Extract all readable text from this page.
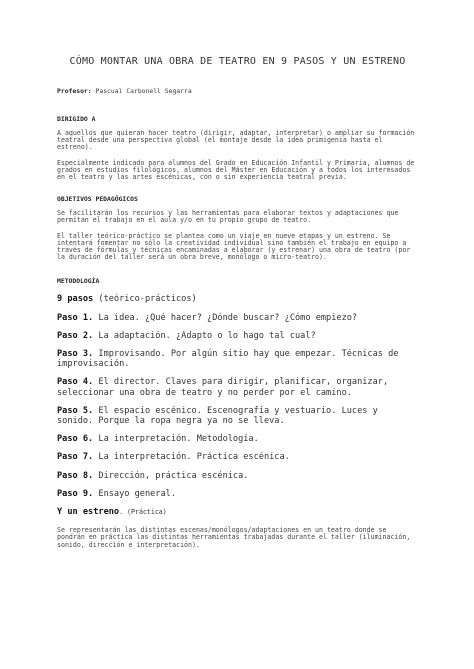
CÓMO MONTAR UNA OBRA DE TEATRO EN 9 PASOS Y UN ESTRENO
Profesor: Pascual Carbonell Segarra
DIRIGIDO A
A aquellos que quieran hacer teatro (dirigir, adaptar, interpretar) o ampliar su formación teatral desde una perspectiva global (el montaje desde la idea primigenia hasta el estreno).
Especialmente indicado para alumnos del Grado en Educación Infantil y Primaria, alumnos de grados en estudios filológicos, alumnos del Máster en Educación y a todos los interesados en el teatro y las artes escénicas, con o sin experiencia teatral previa.
OBJETIVOS PEDAGÓGICOS
Se facilitarán los recursos y las herramientas para elaborar textos y adaptaciones que permitan el trabajo en el aula y/o en tu propio grupo de teatro.
El taller teórico-práctico se plantea como un viaje en nueve etapas y un estreno. Se intentará fomentar no sólo la creatividad individual sino también el trabajo en equipo a través de fórmulas y técnicas encaminadas a elaborar (y estrenar) una obra de teatro (por la duración del taller será un obra breve, monólogo o micro-teatro).
METODOLOGÍA
9 pasos (teórico-prácticos)
Paso 1. La idea. ¿Qué hacer? ¿Dónde buscar? ¿Cómo empiezo?
Paso 2. La adaptación. ¿Adapto o lo hago tal cual?
Paso 3. Improvisando. Por algún sitio hay que empezar. Técnicas de improvisación.
Paso 4. El director. Claves para dirigir, planificar, organizar, seleccionar una obra de teatro y no perder por el camino.
Paso 5. El espacio escénico. Escenografía y vestuario. Luces y sonido. Porque la ropa negra ya no se lleva.
Paso 6. La interpretación. Metodología.
Paso 7. La interpretación. Práctica escénica.
Paso 8. Dirección, práctica escénica.
Paso 9. Ensayo general.
Y un estreno. (Práctica)
Se representarán las distintas escenas/monólogos/adaptaciones en un teatro donde se pondrán en práctica las distintas herramientas trabajadas durante el taller (iluminación, sonido, dirección e interpretación).
